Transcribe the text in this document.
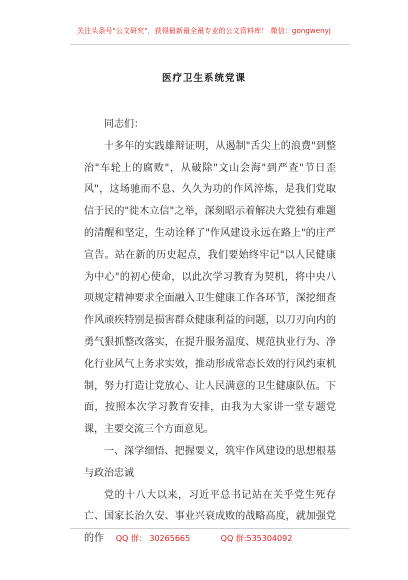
关注头条号"公文研究"，获得最新最全最专业的公文资料库！ 微信：gongwenyj
医疗卫生系统党课

同志们：

十多年的实践雄辩证明，从遏制"舌尖上的浪费"到整治"车轮上的腐败"，从破除"文山会海"到严查"节日歪风"，这场驰而不息、久久为功的作风淬炼，是我们党取信于民的"徙木立信"之举，深刻昭示着解决大党独有难题的清醒和坚定，生动诠释了"作风建设永远在路上"的庄严宣告。站在新的历史起点，我们要始终牢记"以人民健康为中心"的初心使命，以此次学习教育为契机，将中央八项规定精神要求全面融入卫生健康工作各环节，深挖细查作风顽疾特别是损害群众健康利益的问题，以刀刃向内的勇气狠抓整改落实，在提升服务温度、规范执业行为、净化行业风气上务求实效，推动形成常态长效的行风约束机制，努力打造让党放心、让人民满意的卫生健康队伍。下面，按照本次学习教育安排，由我为大家讲一堂专题党课，主要交流三个方面意见。

一、深学细悟、把握要义，筑牢作风建设的思想根基与政治忠诚

党的十八大以来，习近平总书记站在关乎党生死存亡、国家长治久安、事业兴衰成败的战略高度，就加强党的作	QQ 群： 30265665	QQ 群:535304092
